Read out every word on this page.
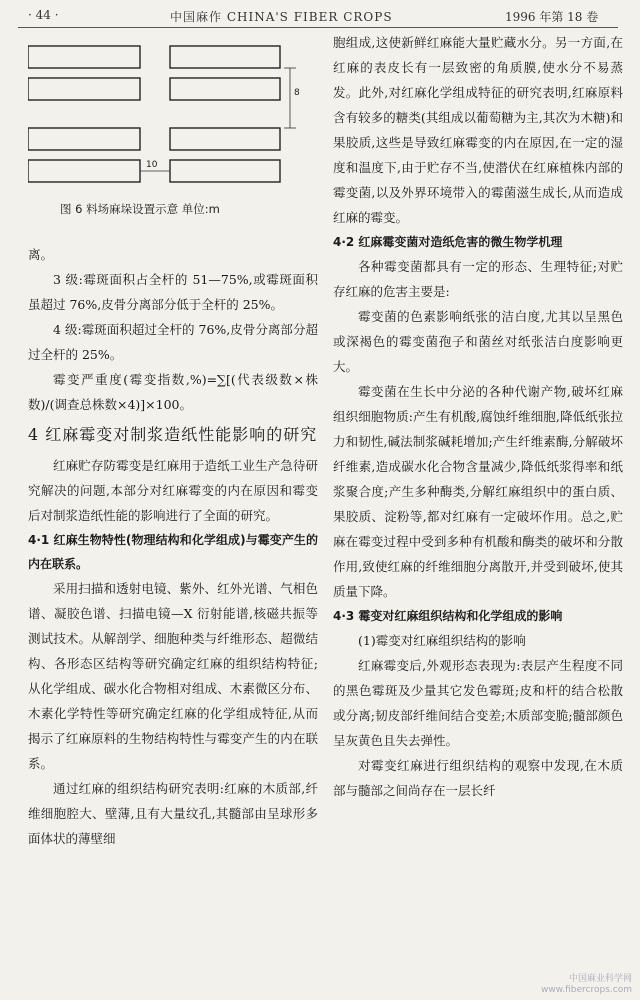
· 44 ·	中国麻作 CHINA'S FIBER CROPS	1996 年第 18 卷
8
10
图 6 料场麻垛设置示意 单位:m

离。

3 级:霉斑面积占全杆的 51—75%,或霉斑面积虽超过 76%,皮骨分离部分低于全杆的 25%。

4 级:霉斑面积超过全杆的 76%,皮骨分离部分超过全杆的 25%。

霉变严重度(霉变指数,%)=∑[(代表级数×株数)/(调查总株数×4)]×100。

4 红麻霉变对制浆造纸性能影响的研究

红麻贮存防霉变是红麻用于造纸工业生产急待研究解决的问题,本部分对红麻霉变的内在原因和霉变后对制浆造纸性能的影响进行了全面的研究。

4·1 红麻生物特性(物理结构和化学组成)与霉变产生的内在联系。

采用扫描和透射电镜、紫外、红外光谱、气相色谱、凝胶色谱、扫描电镜—X 衍射能谱,核磁共振等测试技术。从解剖学、细胞种类与纤维形态、超微结构、各形态区结构等研究确定红麻的组织结构特征;从化学组成、碳水化合物相对组成、木素微区分布、木素化学特性等研究确定红麻的化学组成特征,从而揭示了红麻原料的生物结构特性与霉变产生的内在联系。

通过红麻的组织结构研究表明:红麻的木质部,纤维细胞腔大、壁薄,且有大量纹孔,其髓部由呈球形多面体状的薄壁细

胞组成,这使新鲜红麻能大量贮藏水分。另一方面,在红麻的表皮长有一层致密的角质膜,使水分不易蒸发。此外,对红麻化学组成特征的研究表明,红麻原料含有较多的糖类(其组成以葡萄糖为主,其次为木糖)和果胶质,这些是导致红麻霉变的内在原因,在一定的湿度和温度下,由于贮存不当,使潜伏在红麻植株内部的霉变菌,以及外界环境带入的霉菌滋生成长,从而造成红麻的霉变。

4·2 红麻霉变菌对造纸危害的微生物学机理

各种霉变菌都具有一定的形态、生理特征;对贮存红麻的危害主要是:

霉变菌的色素影响纸张的洁白度,尤其以呈黑色或深褐色的霉变菌孢子和菌丝对纸张洁白度影响更大。

霉变菌在生长中分泌的各种代谢产物,破坏红麻组织细胞物质:产生有机酸,腐蚀纤维细胞,降低纸张拉力和韧性,碱法制浆碱耗增加;产生纤维素酶,分解破坏纤维素,造成碳水化合物含量减少,降低纸浆得率和纸浆聚合度;产生多种酶类,分解红麻组织中的蛋白质、果胶质、淀粉等,都对红麻有一定破坏作用。总之,贮麻在霉变过程中受到多种有机酸和酶类的破坏和分散作用,致使红麻的纤维细胞分离散开,并受到破坏,使其质量下降。

4·3 霉变对红麻组织结构和化学组成的影响

(1)霉变对红麻组织结构的影响

红麻霉变后,外观形态表现为:表层产生程度不同的黑色霉斑及少量其它发色霉斑;皮和杆的结合松散或分离;韧皮部纤维间结合变差;木质部变脆;髓部颜色呈灰黄色且失去弹性。

对霉变红麻进行组织结构的观察中发现,在木质部与髓部之间尚存在一层长纤

中国麻业科学网
www.fibercrops.com
